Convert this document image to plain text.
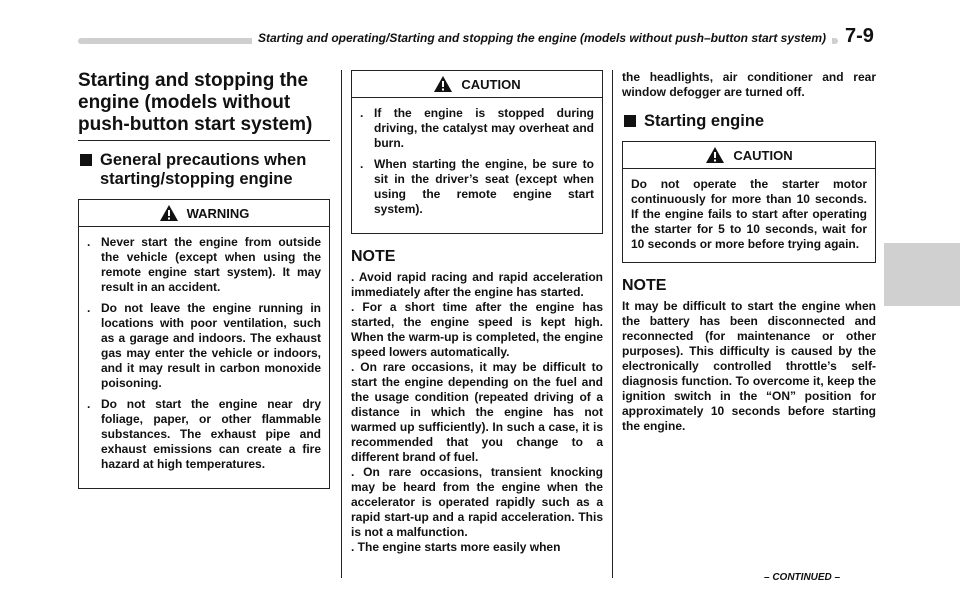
Starting and operating/Starting and stopping the engine (models without push–button start system) 7-9
Starting and stopping the
engine (models without
push-button start system)
General precautions when
starting/stopping engine
WARNING
. Never start the engine from outside the vehicle (except when using the remote engine start system). It may result in an accident.
. Do not leave the engine running in locations with poor ventilation, such as a garage and indoors. The exhaust gas may enter the vehicle or indoors, and it may result in carbon monoxide poisoning.
. Do not start the engine near dry foliage, paper, or other flammable substances. The exhaust pipe and exhaust emissions can create a fire hazard at high temperatures.
CAUTION
. If the engine is stopped during driving, the catalyst may overheat and burn.
. When starting the engine, be sure to sit in the driver’s seat (except when using the remote engine start system).
NOTE

. Avoid rapid racing and rapid acceleration immediately after the engine has started.

. For a short time after the engine has started, the engine speed is kept high. When the warm-up is completed, the engine speed lowers automatically.

. On rare occasions, it may be difficult to start the engine depending on the fuel and the usage condition (repeated driving of a distance in which the engine has not warmed up sufficiently). In such a case, it is recommended that you change to a different brand of fuel.

. On rare occasions, transient knocking may be heard from the engine when the accelerator is operated rapidly such as a rapid start-up and a rapid acceleration. This is not a malfunction.

. The engine starts more easily when

the headlights, air conditioner and rear window defogger are turned off.

Starting engine
CAUTION

Do not operate the starter motor continuously for more than 10 seconds. If the engine fails to start after operating the starter for 5 to 10 seconds, wait for 10 seconds or more before trying again.

NOTE

It may be difficult to start the engine when the battery has been disconnected and reconnected (for maintenance or other purposes). This difficulty is caused by the electronically controlled throttle’s self-diagnosis function. To overcome it, keep the ignition switch in the “ON” position for approximately 10 seconds before starting the engine.

– CONTINUED –
